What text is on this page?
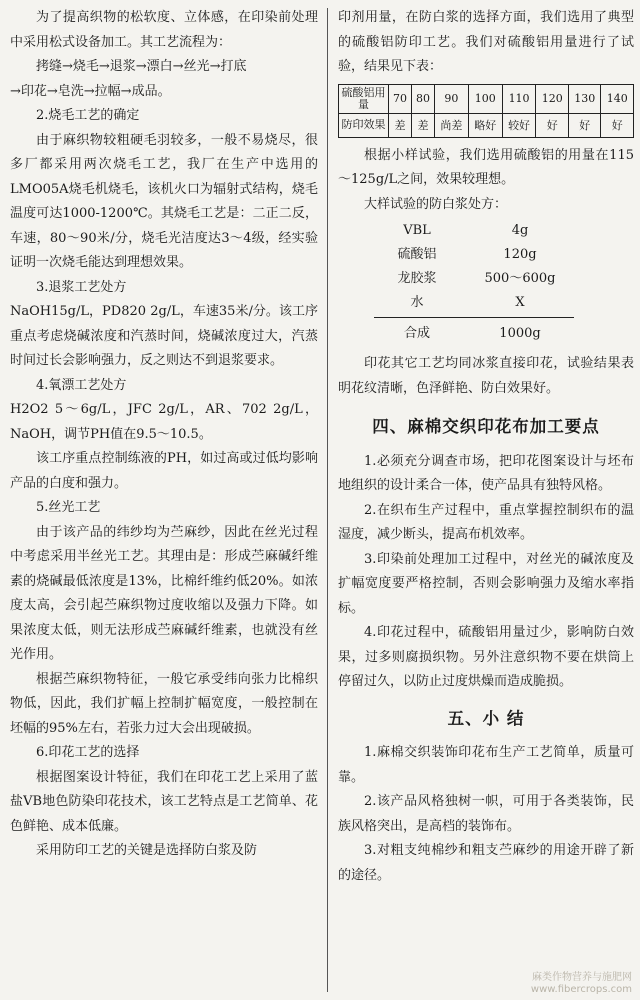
为了提高织物的松软度、立体感，在印染前处理中采用松式设备加工。其工艺流程为：

拷缝→烧毛→退浆→漂白→丝光→打底

→印花→皂洗→拉幅→成品。

2.烧毛工艺的确定

由于麻织物较粗硬毛羽较多，一般不易烧尽，很多厂都采用两次烧毛工艺，我厂在生产中选用的LMO05A烧毛机烧毛，该机火口为辐射式结构，烧毛温度可达1000-1200℃。其烧毛工艺是：二正二反，车速，80～90米/分，烧毛光洁度达3～4级，经实验证明一次烧毛能达到理想效果。

3.退浆工艺处方

NaOH15g/L，PD820 2g/L，车速35米/分。该工序重点考虑烧碱浓度和汽蒸时间，烧碱浓度过大，汽蒸时间过长会影响强力，反之则达不到退浆要求。

4.氧漂工艺处方

H2O2 5～6g/L，JFC 2g/L，AR、702 2g/L，NaOH，调节PH值在9.5～10.5。

该工序重点控制练液的PH，如过高或过低均影响产品的白度和强力。

5.丝光工艺

由于该产品的纬纱均为苎麻纱，因此在丝光过程中考虑采用半丝光工艺。其理由是：形成苎麻碱纤维素的烧碱最低浓度是13%，比棉纤维约低20%。如浓度太高，会引起苎麻织物过度收缩以及强力下降。如果浓度太低，则无法形成苎麻碱纤维素，也就没有丝光作用。

根据苎麻织物特征，一般它承受纬向张力比棉织物低，因此，我们扩幅上控制扩幅宽度，一般控制在坯幅的95%左右，若张力过大会出现破损。

6.印花工艺的选择

根据图案设计特征，我们在印花工艺上采用了蓝盐VB地色防染印花技术，该工艺特点是工艺简单、花色鲜艳、成本低廉。

采用防印工艺的关键是选择防白浆及防

印剂用量，在防白浆的选择方面，我们选用了典型的硫酸铝防印工艺。我们对硫酸铝用量进行了试验，结果见下表：

硫酸铝用量	70	80	90	100	110	120	130	140
防印效果	差	差	尚差	略好	较好	好	好	好

根据小样试验，我们选用硫酸铝的用量在115～125g/L之间，效果较理想。

大样试验的防白浆处方：

VBL	4g
硫酸铝	120g
龙胶浆	500～600g
水	X
合成	1000g

印花其它工艺均同冰浆直接印花，试验结果表明花纹清晰，色泽鲜艳、防白效果好。

四、麻棉交织印花布加工要点

1.必须充分调查市场，把印花图案设计与坯布地组织的设计柔合一体，使产品具有独特风格。

2.在织布生产过程中，重点掌握控制织布的温湿度，减少断头，提高布机效率。

3.印染前处理加工过程中，对丝光的碱浓度及扩幅宽度要严格控制，否则会影响强力及缩水率指标。

4.印花过程中，硫酸铝用量过少，影响防白效果，过多则腐损织物。另外注意织物不要在烘筒上停留过久，以防止过度烘燥而造成脆损。

五、小 结

1.麻棉交织装饰印花布生产工艺简单，质量可靠。

2.该产品风格独树一帜，可用于各类装饰，民族风格突出，是高档的装饰布。

3.对粗支纯棉纱和粗支苎麻纱的用途开辟了新的途径。

麻类作物营养与施肥网
www.fibercrops.com
